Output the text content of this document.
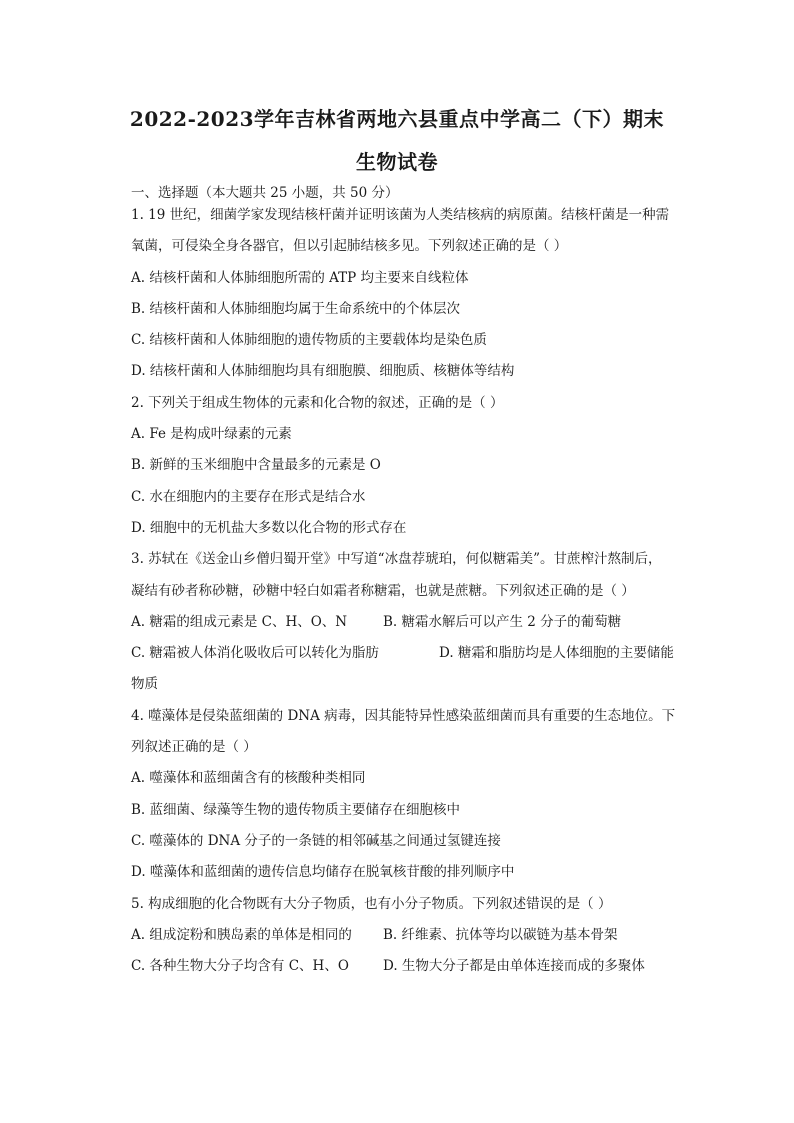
2022-2023学年吉林省两地六县重点中学高二（下）期末
生物试卷
一、选择题（本大题共 25 小题，共 50 分）
1. 19 世纪，细菌学家发现结核杆菌并证明该菌为人类结核病的病原菌。结核杆菌是一种需
氧菌，可侵染全身各器官，但以引起肺结核多见。下列叙述正确的是（ ）
A. 结核杆菌和人体肺细胞所需的 ATP 均主要来自线粒体
B. 结核杆菌和人体肺细胞均属于生命系统中的个体层次
C. 结核杆菌和人体肺细胞的遗传物质的主要载体均是染色质
D. 结核杆菌和人体肺细胞均具有细胞膜、细胞质、核糖体等结构
2. 下列关于组成生物体的元素和化合物的叙述，正确的是（ ）
A. Fe 是构成叶绿素的元素
B. 新鲜的玉米细胞中含量最多的元素是 O
C. 水在细胞内的主要存在形式是结合水
D. 细胞中的无机盐大多数以化合物的形式存在
3. 苏轼在《送金山乡僧归蜀开堂》中写道“冰盘荐琥珀，何似糖霜美”。甘蔗榨汁熬制后，
凝结有砂者称砂糖，砂糖中轻白如霜者称糖霜，也就是蔗糖。下列叙述正确的是（ ）
A. 糖霜的组成元素是 C、H、O、N	B. 糖霜水解后可以产生 2 分子的葡萄糖
C. 糖霜被人体消化吸收后可以转化为脂肪	D. 糖霜和脂肪均是人体细胞的主要储能
物质
4. 噬藻体是侵染蓝细菌的 DNA 病毒，因其能特异性感染蓝细菌而具有重要的生态地位。下
列叙述正确的是（ ）
A. 噬藻体和蓝细菌含有的核酸种类相同
B. 蓝细菌、绿藻等生物的遗传物质主要储存在细胞核中
C. 噬藻体的 DNA 分子的一条链的相邻碱基之间通过氢键连接
D. 噬藻体和蓝细菌的遗传信息均储存在脱氧核苷酸的排列顺序中
5. 构成细胞的化合物既有大分子物质，也有小分子物质。下列叙述错误的是（ ）
A. 组成淀粉和胰岛素的单体是相同的	B. 纤维素、抗体等均以碳链为基本骨架
C. 各种生物大分子均含有 C、H、O	D. 生物大分子都是由单体连接而成的多聚体
